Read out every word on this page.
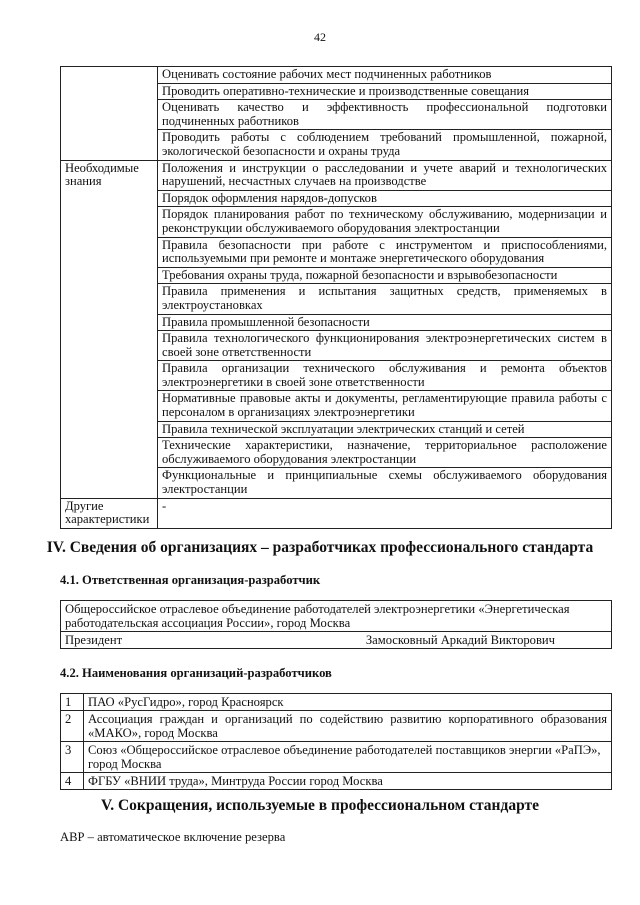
42
	Оценивать состояние рабочих мест подчиненных работников
	Проводить оперативно-технические и производственные совещания
	Оценивать качество и эффективность профессиональной подготовки подчиненных работников
	Проводить работы с соблюдением требований промышленной, пожарной, экологической безопасности и охраны труда
Необходимые знания	Положения и инструкции о расследовании и учете аварий и технологических нарушений, несчастных случаев на производстве
	Порядок оформления нарядов-допусков
	Порядок планирования работ по техническому обслуживанию, модернизации и реконструкции обслуживаемого оборудования электростанции
	Правила безопасности при работе с инструментом и приспособлениями, используемыми при ремонте и монтаже энергетического оборудования
	Требования охраны труда, пожарной безопасности и взрывобезопасности
	Правила применения и испытания защитных средств, применяемых в электроустановках
	Правила промышленной безопасности
	Правила технологического функционирования электроэнергетических систем в своей зоне ответственности
	Правила организации технического обслуживания и ремонта объектов электроэнергетики в своей зоне ответственности
	Нормативные правовые акты и документы, регламентирующие правила работы с персоналом в организациях электроэнергетики
	Правила технической эксплуатации электрических станций и сетей
	Технические характеристики, назначение, территориальное расположение обслуживаемого оборудования электростанции
	Функциональные и принципиальные схемы обслуживаемого оборудования электростанции
Другие характеристики	-
IV. Сведения об организациях – разработчиках профессионального стандарта
4.1. Ответственная организация-разработчик
Общероссийское отраслевое объединение работодателей электроэнергетики «Энергетическая работодательская ассоциация России», город Москва

Президент	Замосковный Аркадий Викторович
4.2. Наименования организаций-разработчиков
1	ПАО «РусГидро», город Красноярск
2	Ассоциация граждан и организаций по содействию развитию корпоративного образования «МАКО», город Москва
3	Союз «Общероссийское отраслевое объединение работодателей поставщиков энергии «РаПЭ», город Москва
4	ФГБУ «ВНИИ труда», Минтруда России город Москва
V. Сокращения, используемые в профессиональном стандарте
АВР – автоматическое включение резерва
